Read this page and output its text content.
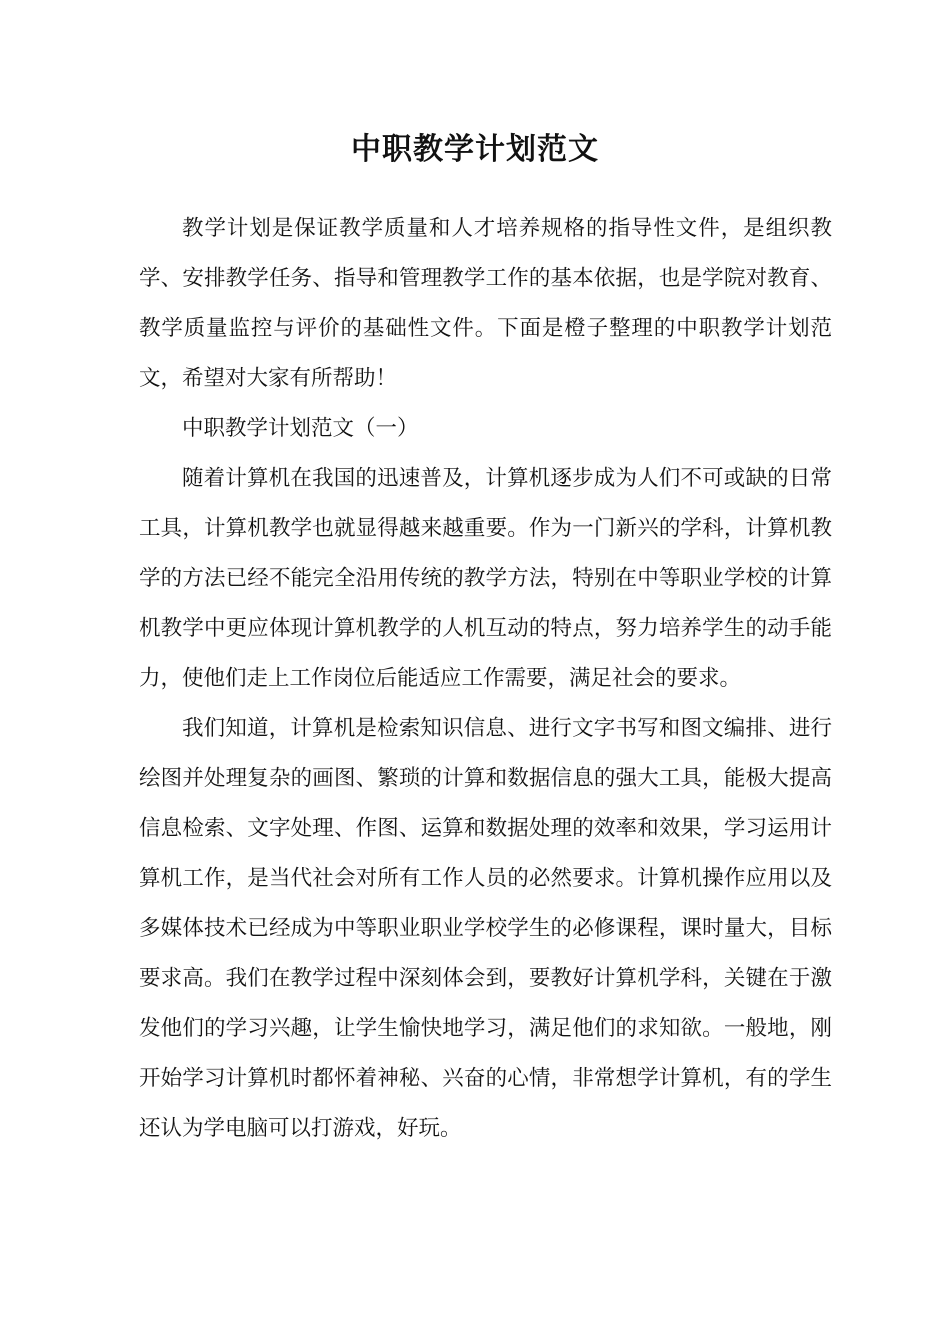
中职教学计划范文

教学计划是保证教学质量和人才培养规格的指导性文件，是组织教学、安排教学任务、指导和管理教学工作的基本依据，也是学院对教育、教学质量监控与评价的基础性文件。下面是橙子整理的中职教学计划范文，希望对大家有所帮助！

中职教学计划范文（一）

随着计算机在我国的迅速普及，计算机逐步成为人们不可或缺的日常工具，计算机教学也就显得越来越重要。作为一门新兴的学科，计算机教学的方法已经不能完全沿用传统的教学方法，特别在中等职业学校的计算机教学中更应体现计算机教学的人机互动的特点，努力培养学生的动手能力，使他们走上工作岗位后能适应工作需要，满足社会的要求。

我们知道，计算机是检索知识信息、进行文字书写和图文编排、进行绘图并处理复杂的画图、繁琐的计算和数据信息的强大工具，能极大提高信息检索、文字处理、作图、运算和数据处理的效率和效果，学习运用计算机工作，是当代社会对所有工作人员的必然要求。计算机操作应用以及多媒体技术已经成为中等职业职业学校学生的必修课程，课时量大，目标要求高。我们在教学过程中深刻体会到，要教好计算机学科，关键在于激发他们的学习兴趣，让学生愉快地学习，满足他们的求知欲。一般地，刚开始学习计算机时都怀着神秘、兴奋的心情，非常想学计算机，有的学生还认为学电脑可以打游戏，好玩。
